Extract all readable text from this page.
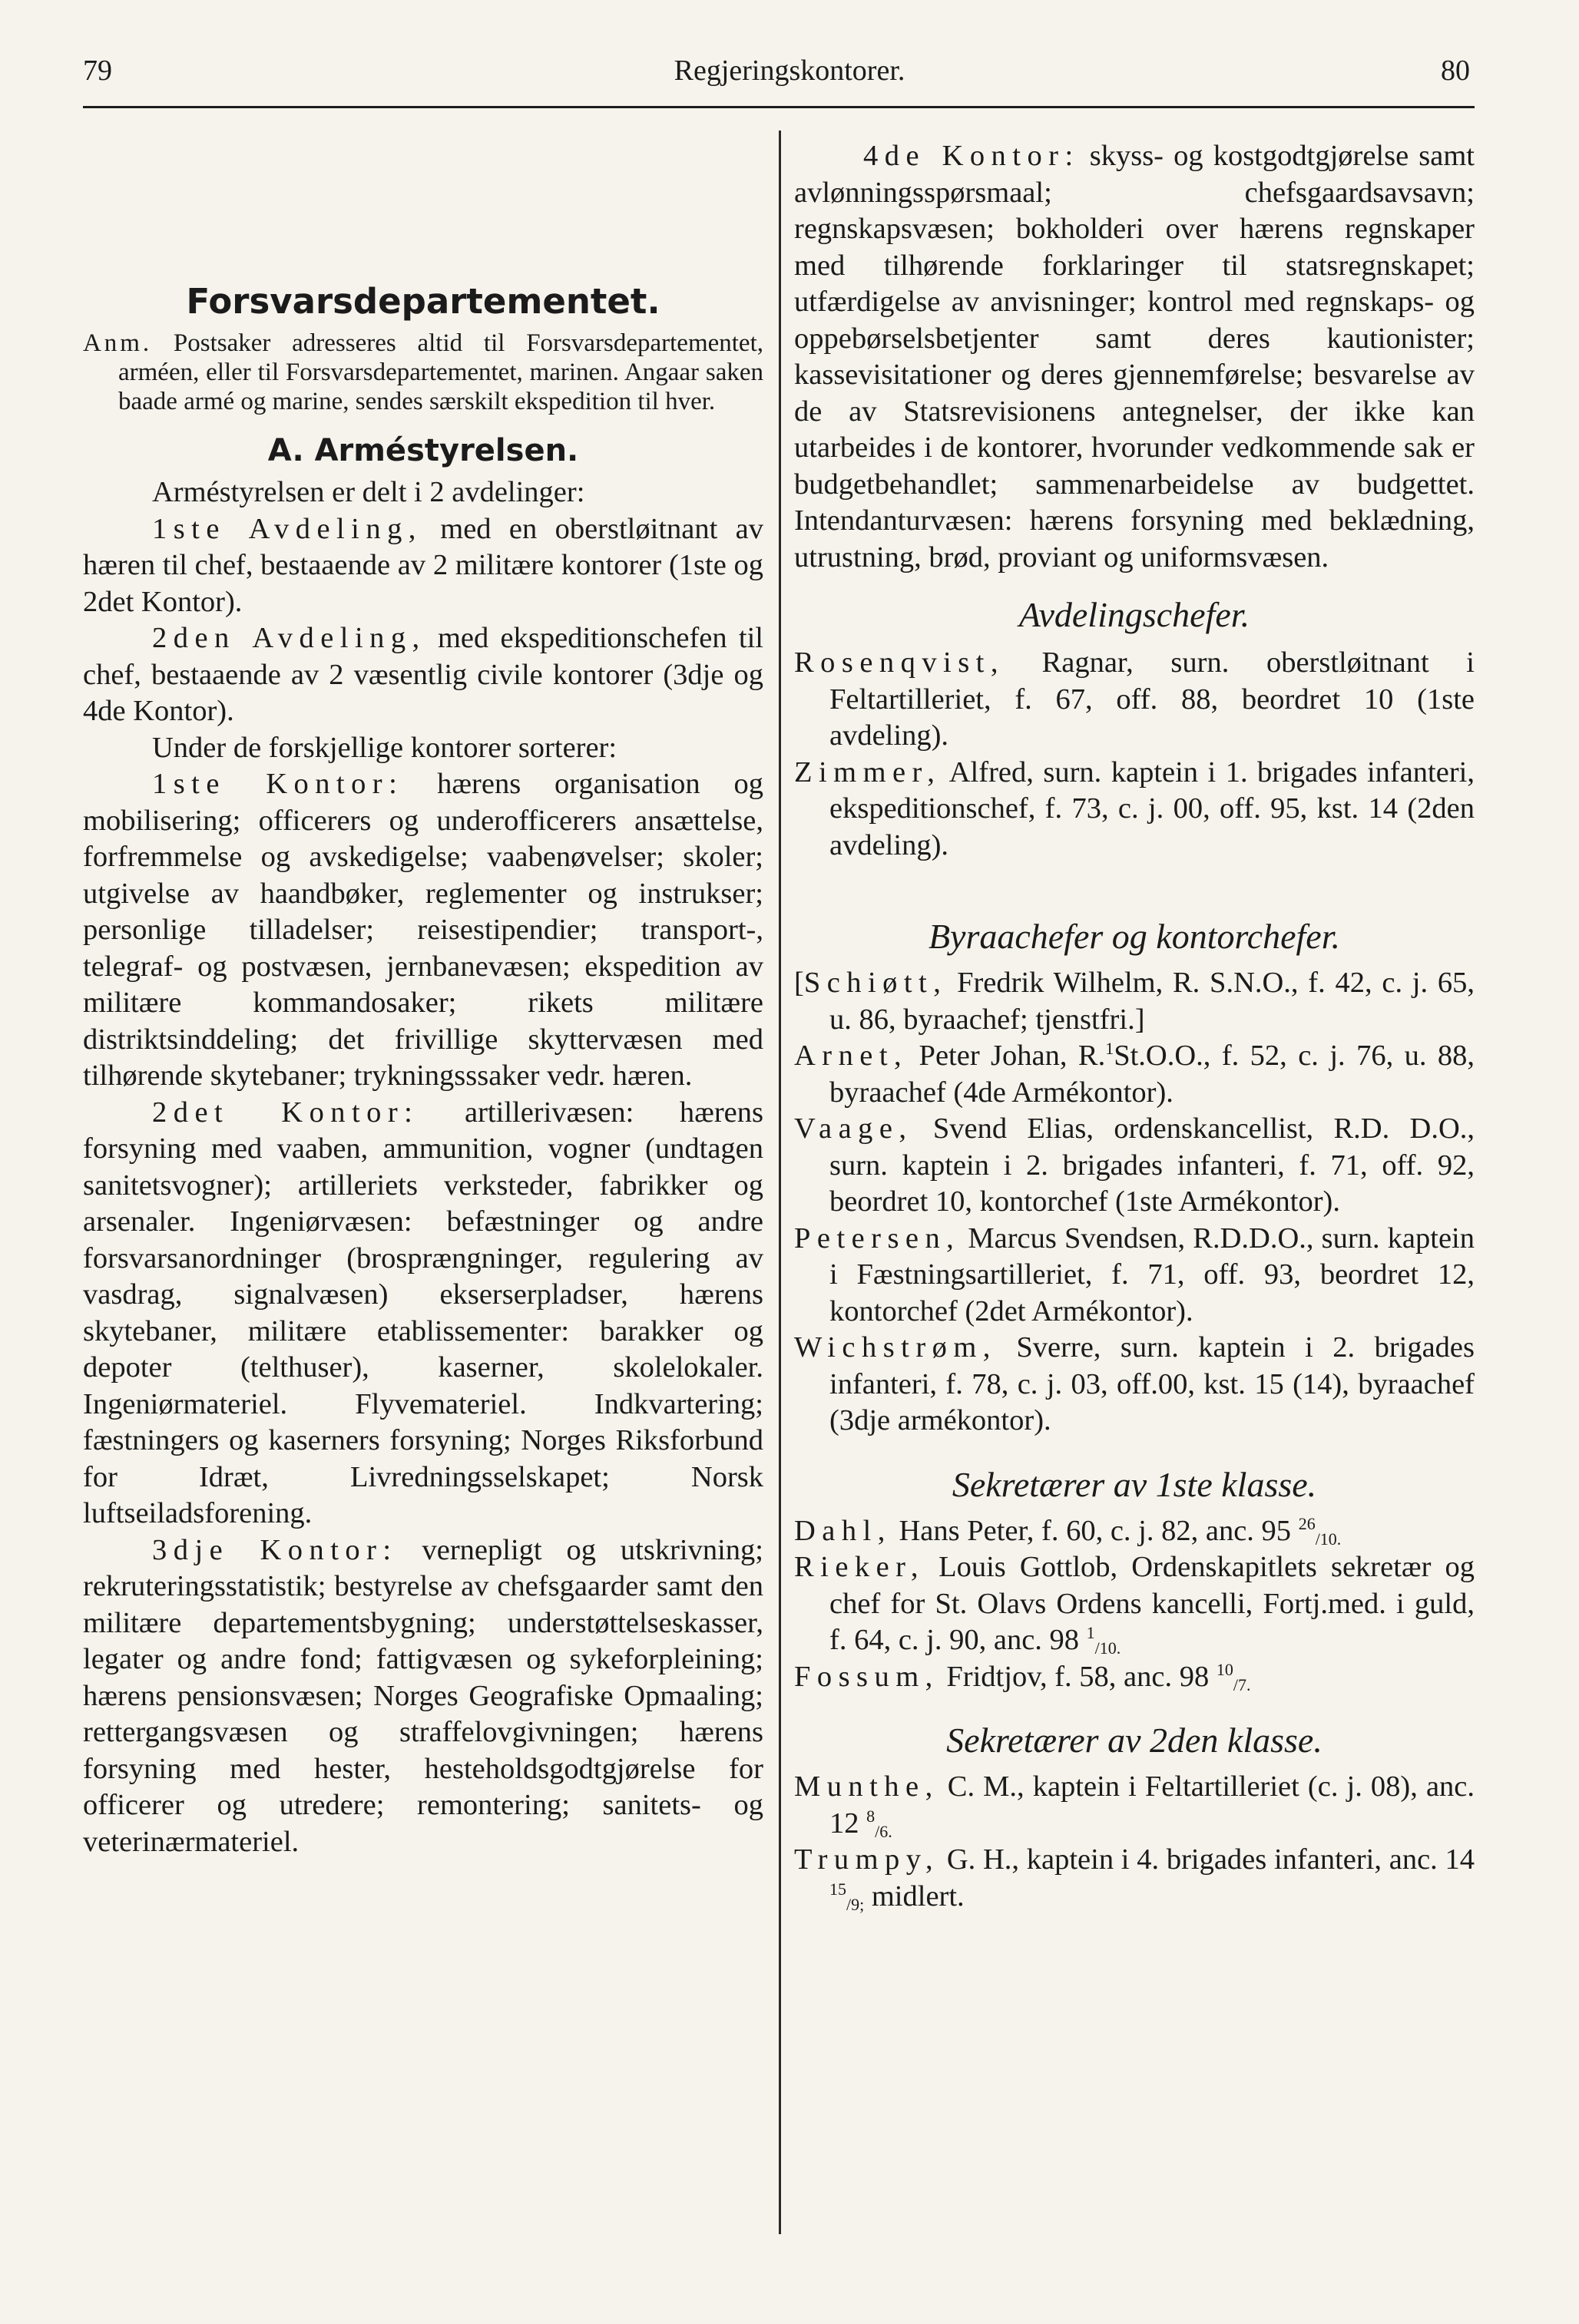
79	Regjeringskontorer.	80

Forsvarsdepartementet.

Anm. Postsaker adresseres altid til Forsvarsdepartementet, arméen, eller til Forsvarsdepartementet, marinen. Angaar saken baade armé og marine, sendes særskilt ekspedition til hver.

A. Arméstyrelsen.

Arméstyrelsen er delt i 2 avdelinger:

1ste Avdeling, med en oberstløitnant av hæren til chef, bestaaende av 2 militære kontorer (1ste og 2det Kontor).

2den Avdeling, med ekspeditionschefen til chef, bestaaende av 2 væsentlig civile kontorer (3dje og 4de Kontor).

Under de forskjellige kontorer sorterer:

1ste Kontor: hærens organisation og mobilisering; officerers og underofficerers ansættelse, forfremmelse og avskedigelse; vaabenøvelser; skoler; utgivelse av haandbøker, reglementer og instrukser; personlige tilladelser; reisestipendier; transport-, telegraf- og postvæsen, jernbanevæsen; ekspedition av militære kommandosaker; rikets militære distriktsinddeling; det frivillige skyttervæsen med tilhørende skytebaner; trykningsssaker vedr. hæren.

2det Kontor: artillerivæsen: hærens forsyning med vaaben, ammunition, vogner (undtagen sanitetsvogner); artilleriets verksteder, fabrikker og arsenaler. Ingeniørvæsen: befæstninger og andre forsvarsanordninger (brosprængninger, regulering av vasdrag, signalvæsen) ekserserpladser, hærens skytebaner, militære etablissementer: barakker og depoter (telthuser), kaserner, skolelokaler. Ingeniørmateriel. Flyvemateriel. Indkvartering; fæstningers og kaserners forsyning; Norges Riksforbund for Idræt, Livredningsselskapet; Norsk luftseiladsforening.

3dje Kontor: vernepligt og utskrivning; rekruteringsstatistik; bestyrelse av chefsgaarder samt den militære departementsbygning; understøttelseskasser, legater og andre fond; fattigvæsen og sykeforpleining; hærens pensionsvæsen; Norges Geografiske Opmaaling; rettergangsvæsen og straffelovgivningen; hærens forsyning med hester, hesteholdsgodtgjørelse for officerer og utredere; remontering; sanitets- og veterinærmateriel.

4de Kontor: skyss- og kostgodtgjørelse samt avlønningsspørsmaal; chefsgaardsavsavn; regnskapsvæsen; bokholderi over hærens regnskaper med tilhørende forklaringer til statsregnskapet; utfærdigelse av anvisninger; kontrol med regnskaps- og oppebørselsbetjenter samt deres kautionister; kassevisitationer og deres gjennemførelse; besvarelse av de av Statsrevisionens antegnelser, der ikke kan utarbeides i de kontorer, hvorunder vedkommende sak er budgetbehandlet; sammenarbeidelse av budgettet. Intendanturvæsen: hærens forsyning med beklædning, utrustning, brød, proviant og uniformsvæsen.

Avdelingschefer.

Rosenqvist, Ragnar, surn. oberstløitnant i Feltartilleriet, f. 67, off. 88, beordret 10 (1ste avdeling).

Zimmer, Alfred, surn. kaptein i 1. brigades infanteri, ekspeditionschef, f. 73, c. j. 00, off. 95, kst. 14 (2den avdeling).

Byraachefer og kontorchefer.

[Schiøtt, Fredrik Wilhelm, R. S.N.O., f. 42, c. j. 65, u. 86, byraachef; tjenstfri.]

Arnet, Peter Johan, R.$^1$St.O.O., f. 52, c. j. 76, u. 88, byraachef (4de Armékontor).

Vaage, Svend Elias, ordenskancellist, R.D. D.O., surn. kaptein i 2. brigades infanteri, f. 71, off. 92, beordret 10, kontorchef (1ste Armékontor).

Petersen, Marcus Svendsen, R.D.D.O., surn. kaptein i Fæstningsartilleriet, f. 71, off. 93, beordret 12, kontorchef (2det Armékontor).

Wichstrøm, Sverre, surn. kaptein i 2. brigades infanteri, f. 78, c. j. 03, off.00, kst. 15 (14), byraachef (3dje armékontor).

Sekretærer av 1ste klasse.

Dahl, Hans Peter, f. 60, c. j. 82, anc. 95 $^{26}_{/10.}$

Rieker, Louis Gottlob, Ordenskapitlets sekretær og chef for St. Olavs Ordens kancelli, Fortj.med. i guld, f. 64, c. j. 90, anc. 98 $^1_{/10.}$

Fossum, Fridtjov, f. 58, anc. 98 $^{10}_{/7.}$

Sekretærer av 2den klasse.

Munthe, C. M., kaptein i Feltartilleriet (c. j. 08), anc. 12 $^8_{/6.}$

Trumpy, G. H., kaptein i 4. brigades infanteri, anc. 14 $^{15}_{/9;}$ midlert.
